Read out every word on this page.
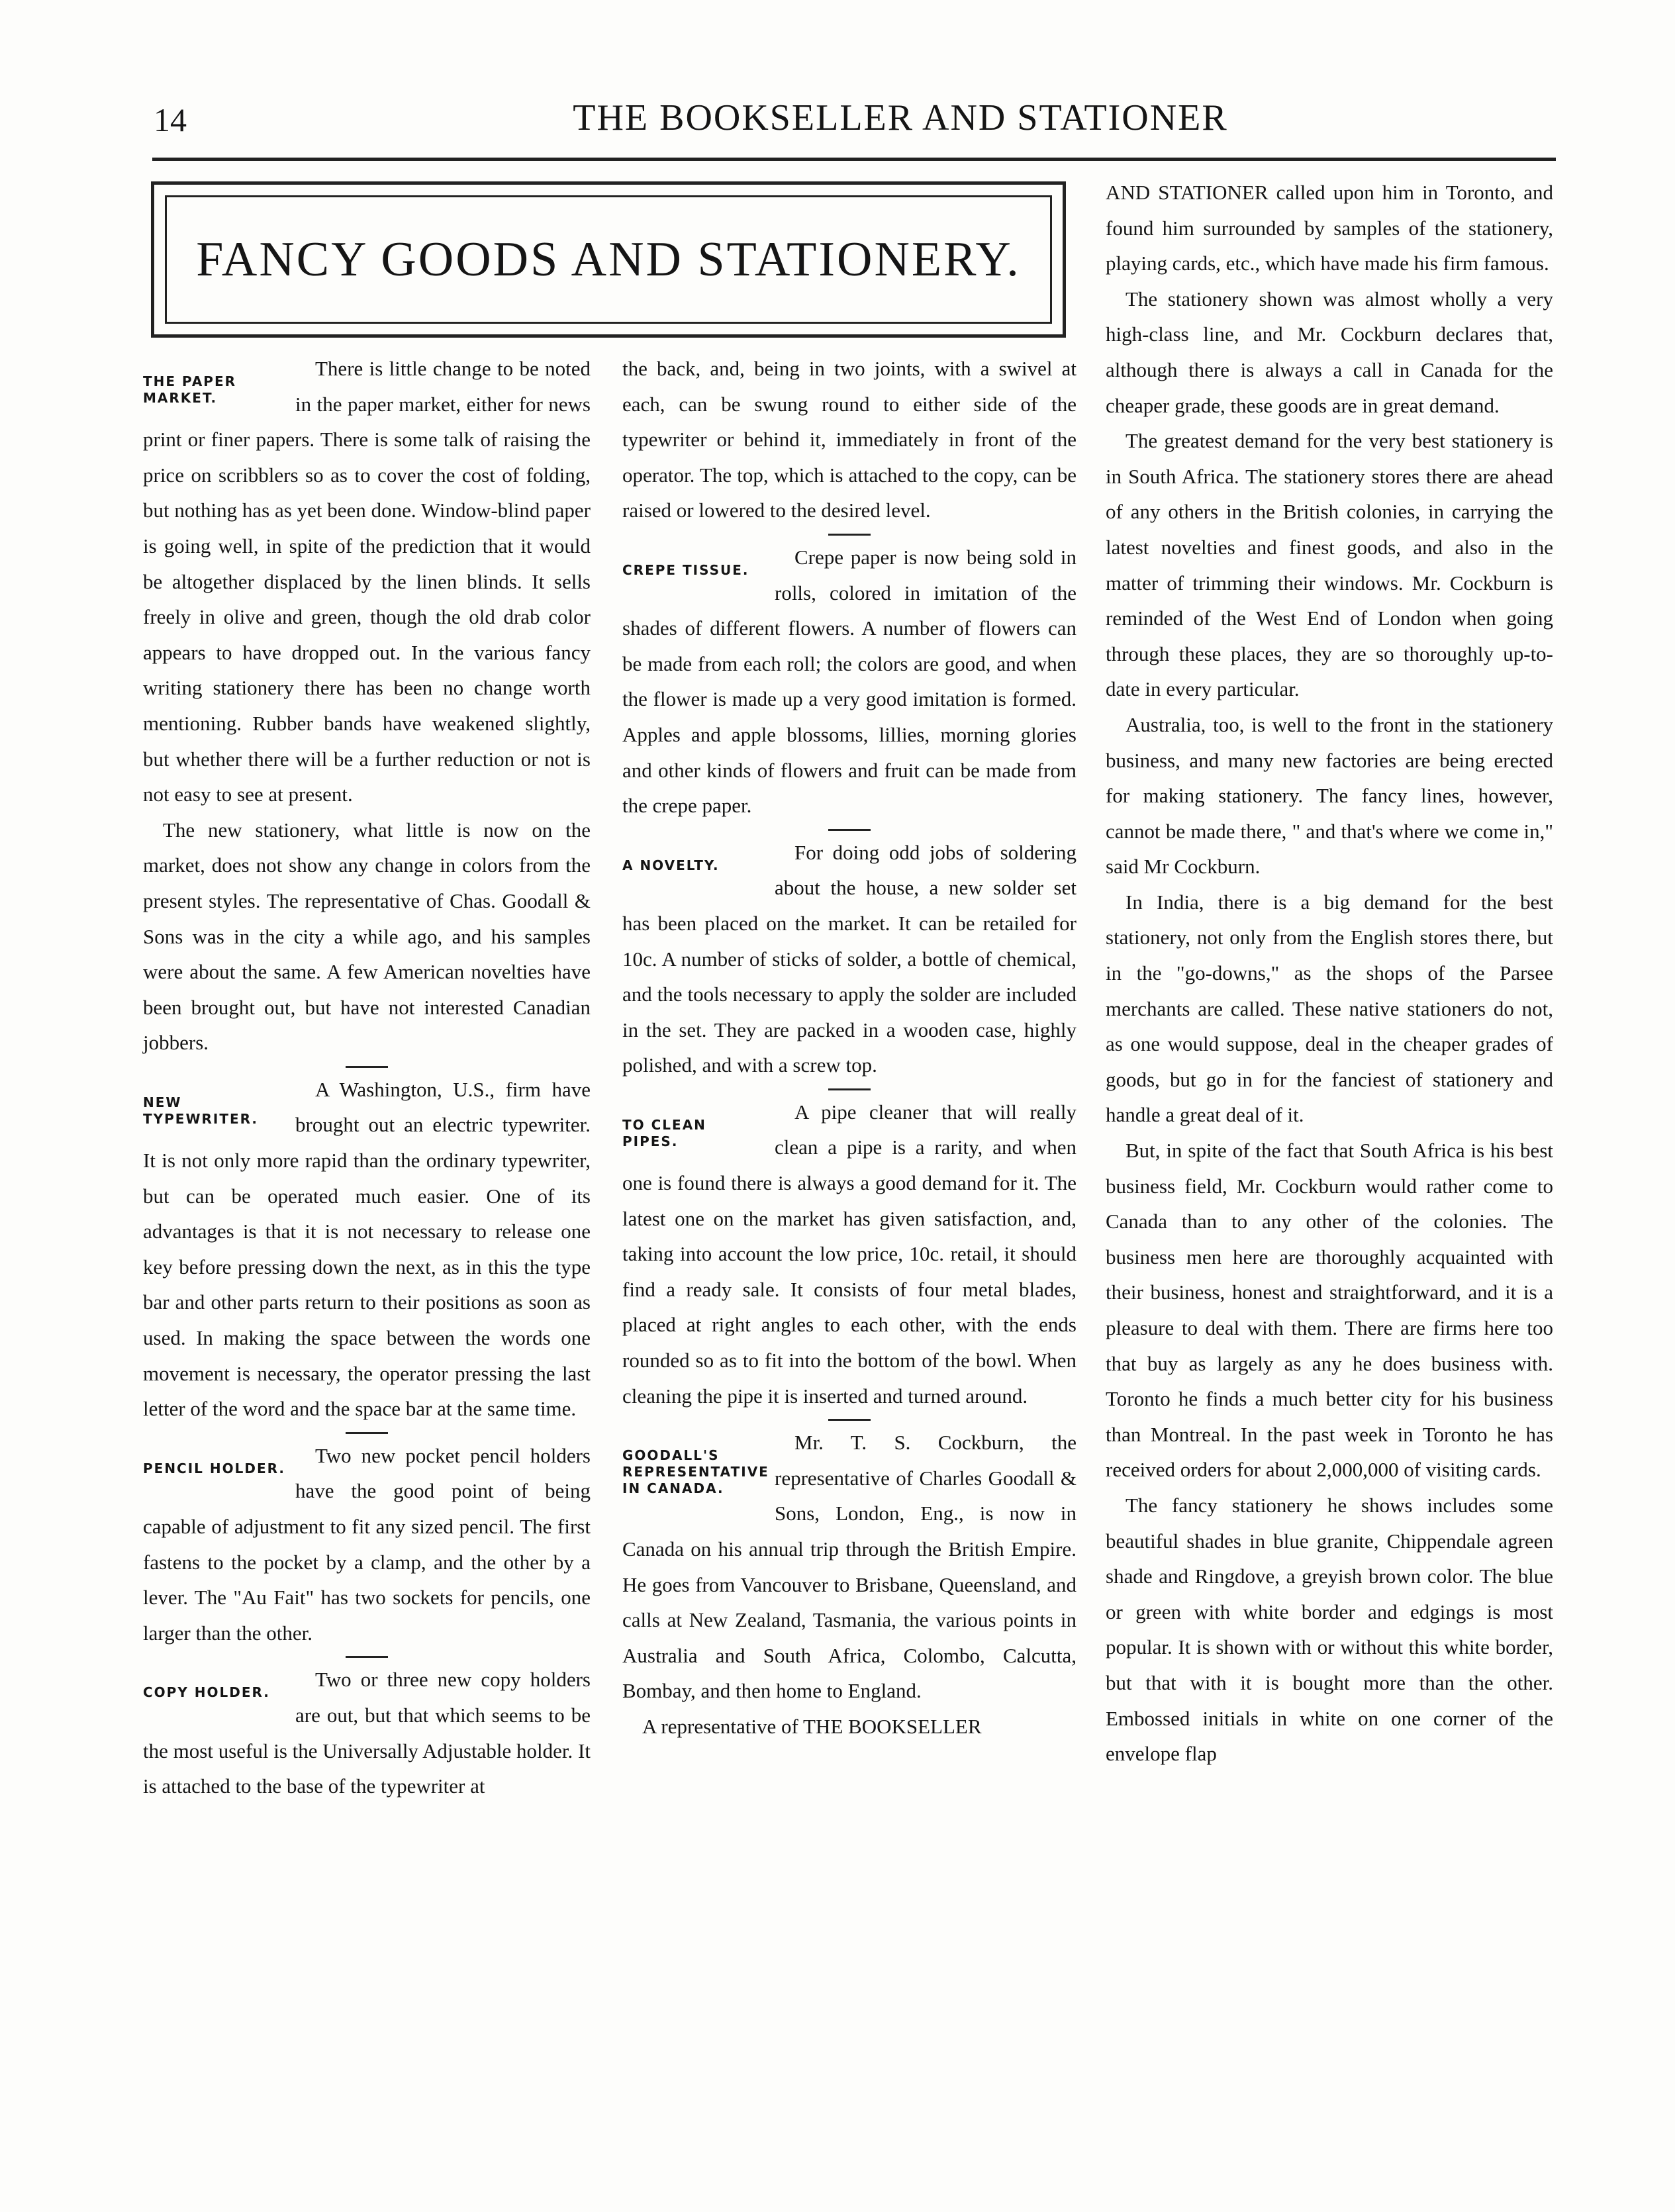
14	THE BOOKSELLER AND STATIONER
FANCY GOODS AND STATIONERY.
THE PAPER MARKET.

There is little change to be noted in the paper market, either for news print or finer papers. There is some talk of raising the price on scribblers so as to cover the cost of folding, but nothing has as yet been done. Window-blind paper is going well, in spite of the prediction that it would be altogether displaced by the linen blinds. It sells freely in olive and green, though the old drab color appears to have dropped out. In the various fancy writing stationery there has been no change worth mentioning. Rubber bands have weakened slightly, but whether there will be a further reduction or not is not easy to see at present.

The new stationery, what little is now on the market, does not show any change in colors from the present styles. The representative of Chas. Goodall & Sons was in the city a while ago, and his samples were about the same. A few American novelties have been brought out, but have not interested Canadian jobbers.

NEW TYPEWRITER.

A Washington, U.S., firm have brought out an electric typewriter. It is not only more rapid than the ordinary typewriter, but can be operated much easier. One of its advantages is that it is not necessary to release one key before pressing down the next, as in this the type bar and other parts return to their positions as soon as used. In making the space between the words one movement is necessary, the operator pressing the last letter of the word and the space bar at the same time.

PENCIL HOLDER.

Two new pocket pencil holders have the good point of being capable of adjustment to fit any sized pencil. The first fastens to the pocket by a clamp, and the other by a lever. The "Au Fait" has two sockets for pencils, one larger than the other.

COPY HOLDER.

Two or three new copy holders are out, but that which seems to be the most useful is the Universally Adjustable holder. It is attached to the base of the typewriter at

the back, and, being in two joints, with a swivel at each, can be swung round to either side of the typewriter or behind it, immediately in front of the operator. The top, which is attached to the copy, can be raised or lowered to the desired level.

CREPE TISSUE.

Crepe paper is now being sold in rolls, colored in imitation of the shades of different flowers. A number of flowers can be made from each roll; the colors are good, and when the flower is made up a very good imitation is formed. Apples and apple blossoms, lillies, morning glories and other kinds of flowers and fruit can be made from the crepe paper.

A NOVELTY.

For doing odd jobs of soldering about the house, a new solder set has been placed on the market. It can be retailed for 10c. A number of sticks of solder, a bottle of chemical, and the tools necessary to apply the solder are included in the set. They are packed in a wooden case, highly polished, and with a screw top.

TO CLEAN PIPES.

A pipe cleaner that will really clean a pipe is a rarity, and when one is found there is always a good demand for it. The latest one on the market has given satisfaction, and, taking into account the low price, 10c. retail, it should find a ready sale. It consists of four metal blades, placed at right angles to each other, with the ends rounded so as to fit into the bottom of the bowl. When cleaning the pipe it is inserted and turned around.

GOODALL'S REPRESENTATIVE IN CANADA.

Mr. T. S. Cockburn, the representative of Charles Goodall & Sons, London, Eng., is now in Canada on his annual trip through the British Empire. He goes from Vancouver to Brisbane, Queensland, and calls at New Zealand, Tasmania, the various points in Australia and South Africa, Colombo, Calcutta, Bombay, and then home to England.

A representative of THE BOOKSELLER

AND STATIONER called upon him in Toronto, and found him surrounded by samples of the stationery, playing cards, etc., which have made his firm famous.

The stationery shown was almost wholly a very high-class line, and Mr. Cockburn declares that, although there is always a call in Canada for the cheaper grade, these goods are in great demand.

The greatest demand for the very best stationery is in South Africa. The stationery stores there are ahead of any others in the British colonies, in carrying the latest novelties and finest goods, and also in the matter of trimming their windows. Mr. Cockburn is reminded of the West End of London when going through these places, they are so thoroughly up-to-date in every particular.

Australia, too, is well to the front in the stationery business, and many new factories are being erected for making stationery. The fancy lines, however, cannot be made there, " and that's where we come in," said Mr Cockburn.

In India, there is a big demand for the best stationery, not only from the English stores there, but in the "go-downs," as the shops of the Parsee merchants are called. These native stationers do not, as one would suppose, deal in the cheaper grades of goods, but go in for the fanciest of stationery and handle a great deal of it.

But, in spite of the fact that South Africa is his best business field, Mr. Cockburn would rather come to Canada than to any other of the colonies. The business men here are thoroughly acquainted with their business, honest and straightforward, and it is a pleasure to deal with them. There are firms here too that buy as largely as any he does business with. Toronto he finds a much better city for his business than Montreal. In the past week in Toronto he has received orders for about 2,000,000 of visiting cards.

The fancy stationery he shows includes some beautiful shades in blue granite, Chippendale agreen shade and Ringdove, a greyish brown color. The blue or green with white border and edgings is most popular. It is shown with or without this white border, but that with it is bought more than the other. Embossed initials in white on one corner of the envelope flap
